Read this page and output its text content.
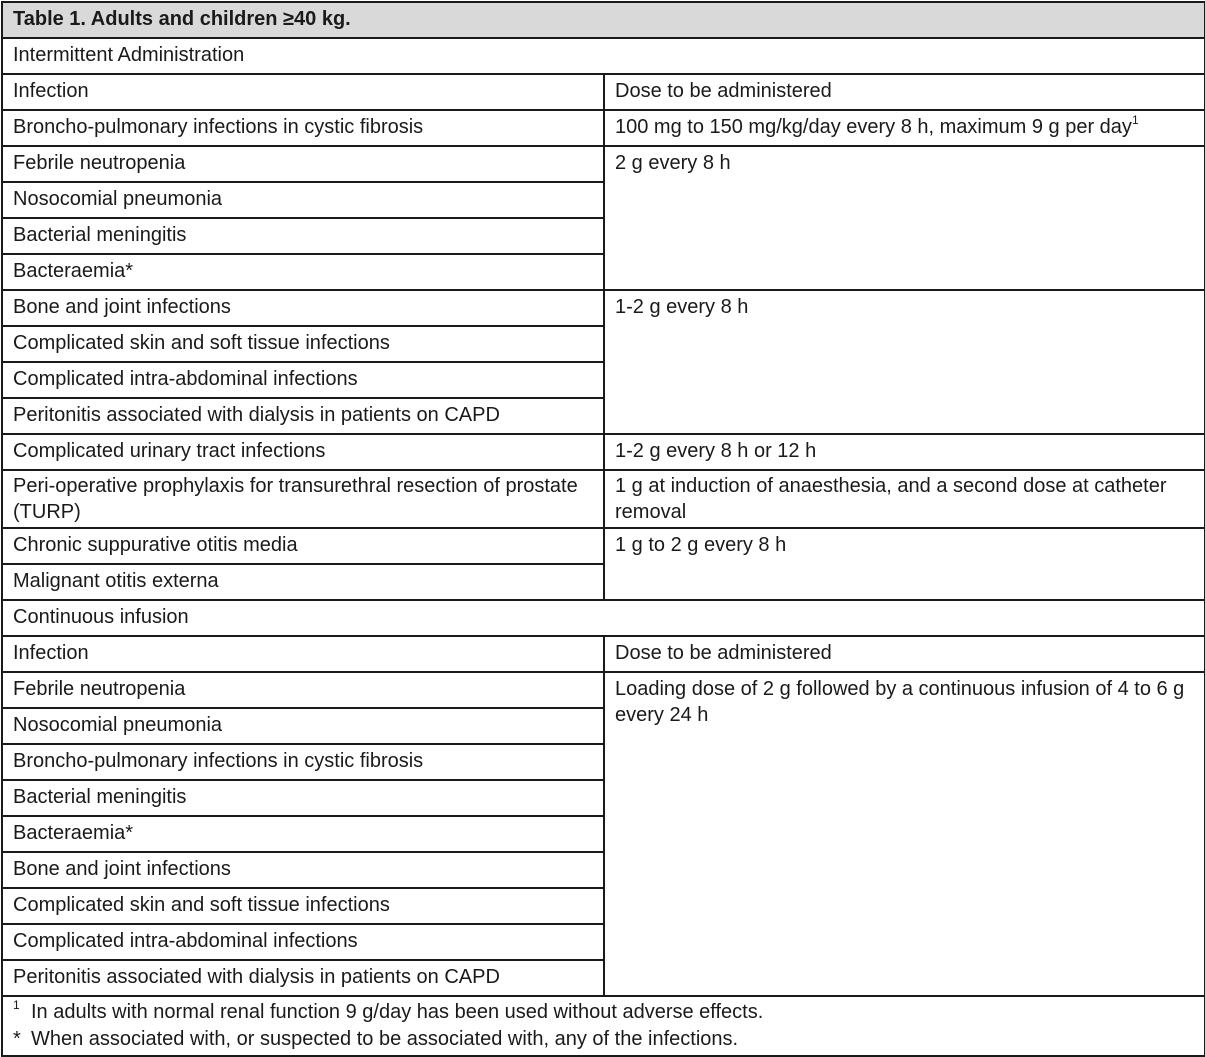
Table 1. Adults and children ≥40 kg.	
Intermittent Administration	
Infection	Dose to be administered
Broncho-pulmonary infections in cystic fibrosis	100 mg to 150 mg/kg/day every 8 h, maximum 9 g per day$^1$
Febrile neutropenia	2 g every 8 h
Nosocomial pneumonia	
Bacterial meningitis	
Bacteraemia*	
Bone and joint infections	1-2 g every 8 h
Complicated skin and soft tissue infections	
Complicated intra-abdominal infections	
Peritonitis associated with dialysis in patients on CAPD	
Complicated urinary tract infections	1-2 g every 8 h or 12 h
Peri-operative prophylaxis for transurethral resection of prostate (TURP)	1 g at induction of anaesthesia, and a second dose at catheter removal
Chronic suppurative otitis media	1 g to 2 g every 8 h
Malignant otitis externa	
Continuous infusion	
Infection	Dose to be administered
Febrile neutropenia	Loading dose of 2 g followed by a continuous infusion of 4 to 6 g every 24 h
Nosocomial pneumonia	
Broncho-pulmonary infections in cystic fibrosis	
Bacterial meningitis	
Bacteraemia*	
Bone and joint infections	
Complicated skin and soft tissue infections	
Complicated intra-abdominal infections	
Peritonitis associated with dialysis in patients on CAPD	

$^1$ In adults with normal renal function 9 g/day has been used without adverse effects.
* When associated with, or suspected to be associated with, any of the infections.	
